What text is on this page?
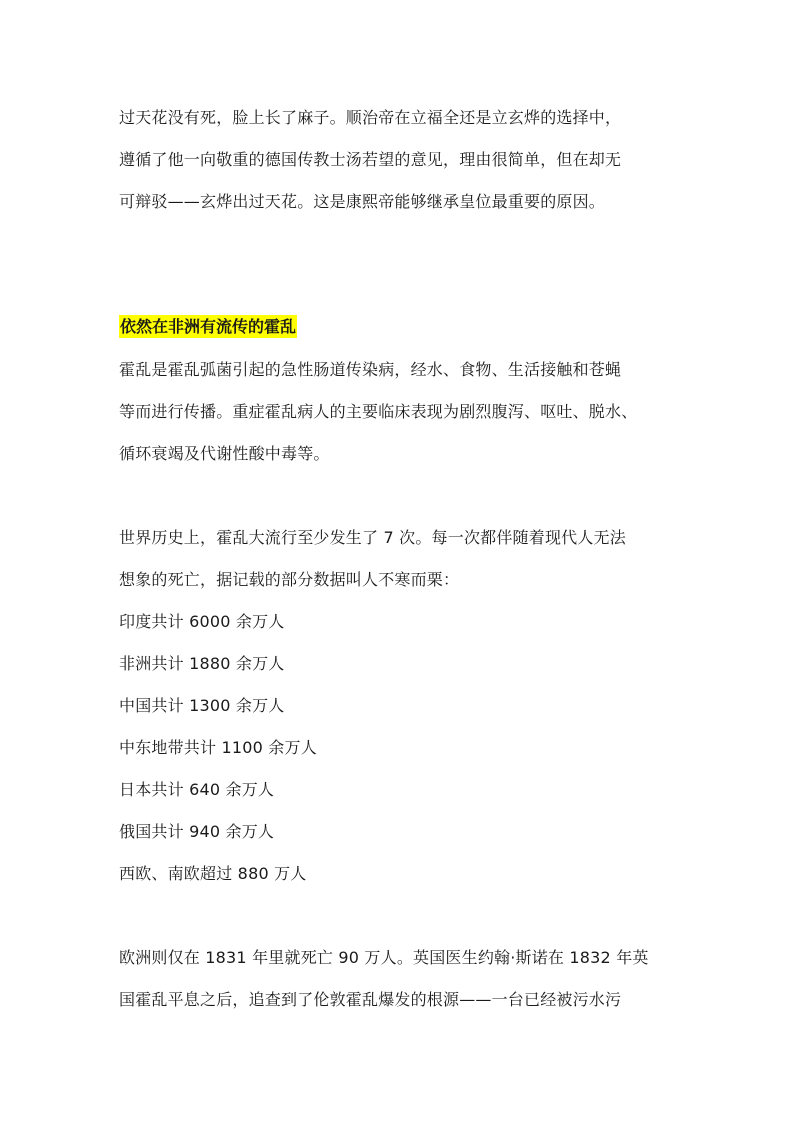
过天花没有死，脸上长了麻子。顺治帝在立福全还是立玄烨的选择中，
遵循了他一向敬重的德国传教士汤若望的意见，理由很简单，但在却无
可辩驳——玄烨出过天花。这是康熙帝能够继承皇位最重要的原因。
依然在非洲有流传的霍乱
霍乱是霍乱弧菌引起的急性肠道传染病，经水、食物、生活接触和苍蝇
等而进行传播。重症霍乱病人的主要临床表现为剧烈腹泻、呕吐、脱水、
循环衰竭及代谢性酸中毒等。
世界历史上，霍乱大流行至少发生了 7 次。每一次都伴随着现代人无法
想象的死亡，据记载的部分数据叫人不寒而栗：
印度共计 6000 余万人
非洲共计 1880 余万人
中国共计 1300 余万人
中东地带共计 1100 余万人
日本共计 640 余万人
俄国共计 940 余万人
西欧、南欧超过 880 万人
欧洲则仅在 1831 年里就死亡 90 万人。英国医生约翰·斯诺在 1832 年英
国霍乱平息之后，追查到了伦敦霍乱爆发的根源——一台已经被污水污
